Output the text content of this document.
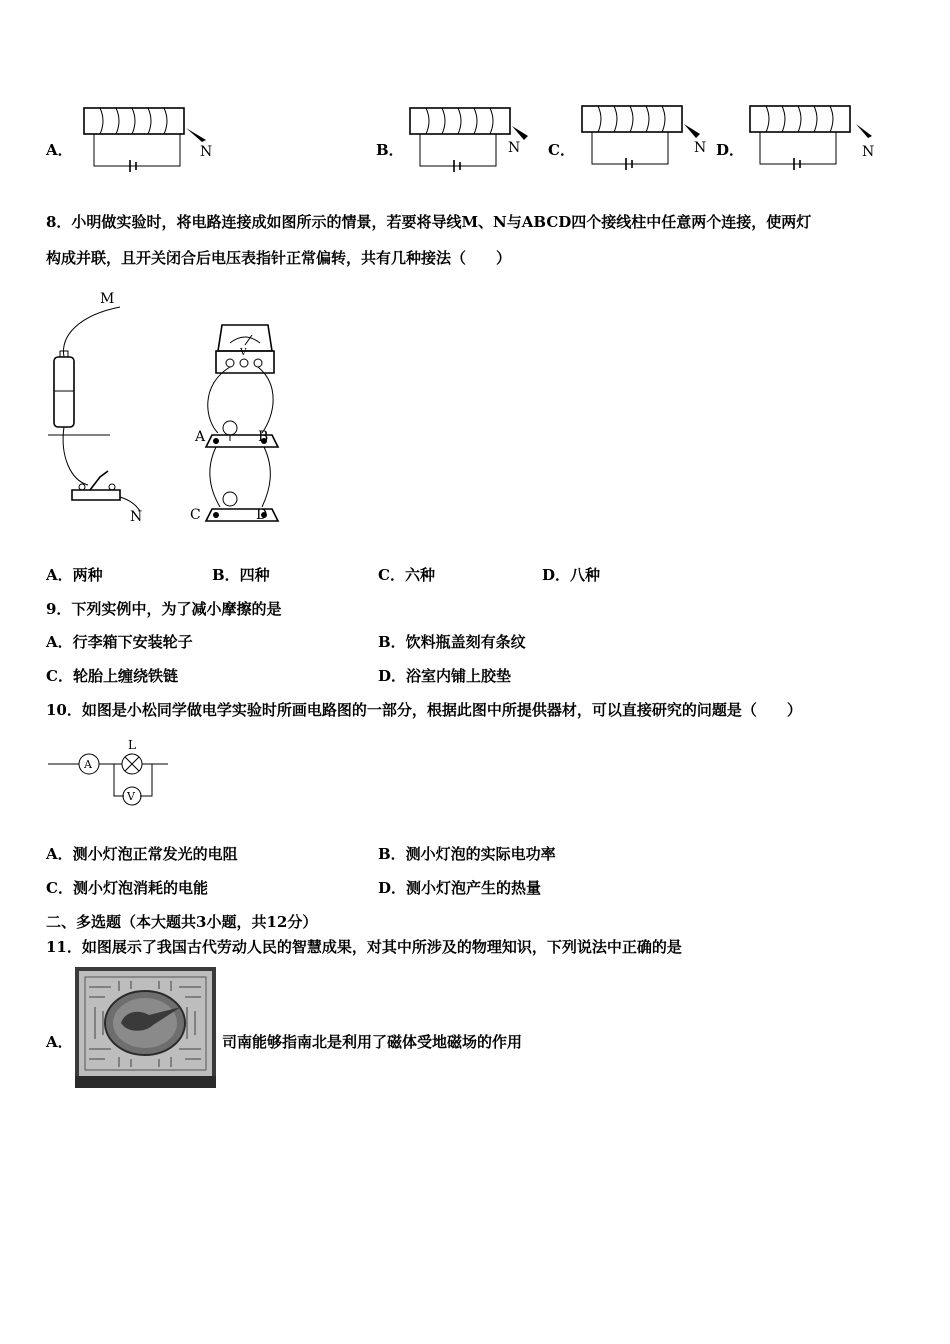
A．	N	B．	N C．	N D．	N
8．小明做实验时，将电路连接成如图所示的情景，若要将导线M、N与ABCD四个接线柱中任意两个连接，使两灯
构成并联，且开关闭合后电压表指针正常偏转，共有几种接法（　　）
M
N
V
A	B
C	D
A．两种	B．四种	C．六种	D．八种
9．下列实例中，为了减小摩擦的是
A．行李箱下安装轮子	B．饮料瓶盖刻有条纹
C．轮胎上缠绕铁链	D．浴室内铺上胶垫
10．如图是小松同学做电学实验时所画电路图的一部分，根据此图中所提供器材，可以直接研究的问题是（　　）
A
L
V
A．测小灯泡正常发光的电阻	B．测小灯泡的实际电功率
C．测小灯泡消耗的电能	D．测小灯泡产生的热量
二、多选题（本大题共3小题，共12分）
11．如图展示了我国古代劳动人民的智慧成果，对其中所涉及的物理知识，下列说法中正确的是
A．	司南能够指南北是利用了磁体受地磁场的作用
